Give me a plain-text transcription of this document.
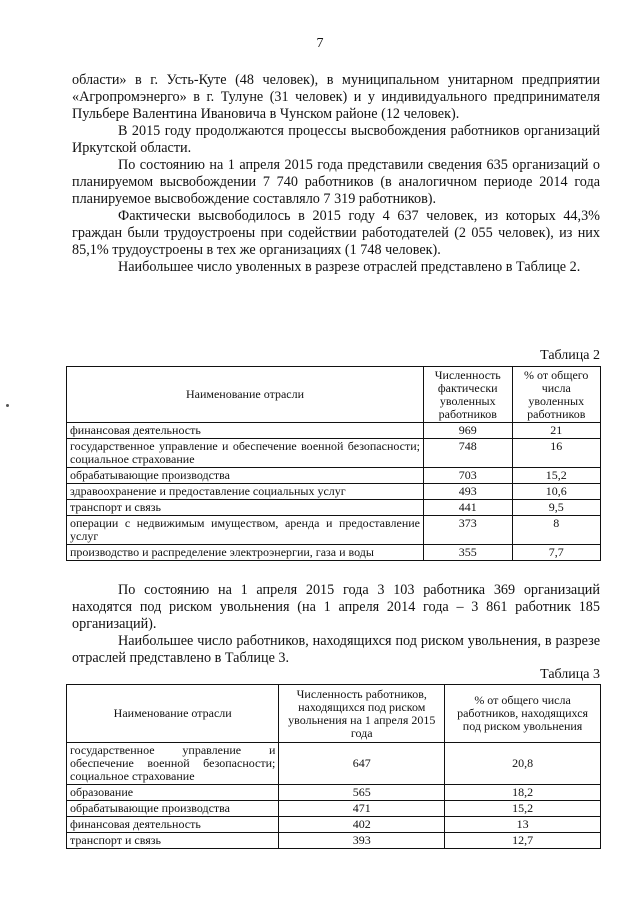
7

области» в г. Усть-Куте (48 человек), в муниципальном унитарном предприятии «Агропромэнерго» в г. Тулуне (31 человек) и у индивидуального предпринимателя Пульбере Валентина Ивановича в Чунском районе (12 человек).

В 2015 году продолжаются процессы высвобождения работников организаций Иркутской области.

По состоянию на 1 апреля 2015 года представили сведения 635 организаций о планируемом высвобождении 7 740 работников (в аналогичном периоде 2014 года планируемое высвобождение составляло 7 319 работников).

Фактически высвободилось в 2015 году 4 637 человек, из которых 44,3% граждан были трудоустроены при содействии работодателей (2 055 человек), из них 85,1% трудоустроены в тех же организациях (1 748 человек).

Наибольшее число уволенных в разрезе отраслей представлено в Таблице 2.

Таблица 2
Наименование отрасли	Численность фактически уволенных работников	% от общего числа уволенных работников
финансовая деятельность	969	21
государственное управление и обеспечение военной безопасности; социальное страхование	748	16
обрабатывающие производства	703	15,2
здравоохранение и предоставление социальных услуг	493	10,6
транспорт и связь	441	9,5
операции с недвижимым имуществом, аренда и предоставление услуг	373	8
производство и распределение электроэнергии, газа и воды	355	7,7

По состоянию на 1 апреля 2015 года 3 103 работника 369 организаций находятся под риском увольнения (на 1 апреля 2014 года – 3 861 работник 185 организаций).

Наибольшее число работников, находящихся под риском увольнения, в разрезе отраслей представлено в Таблице 3.

Таблица 3
Наименование отрасли	Численность работников, находящихся под риском увольнения на 1 апреля 2015 года	% от общего числа работников, находящихся под риском увольнения
государственное управление и обеспечение военной безопасности; социальное страхование	647	20,8
образование	565	18,2
обрабатывающие производства	471	15,2
финансовая деятельность	402	13
транспорт и связь	393	12,7
